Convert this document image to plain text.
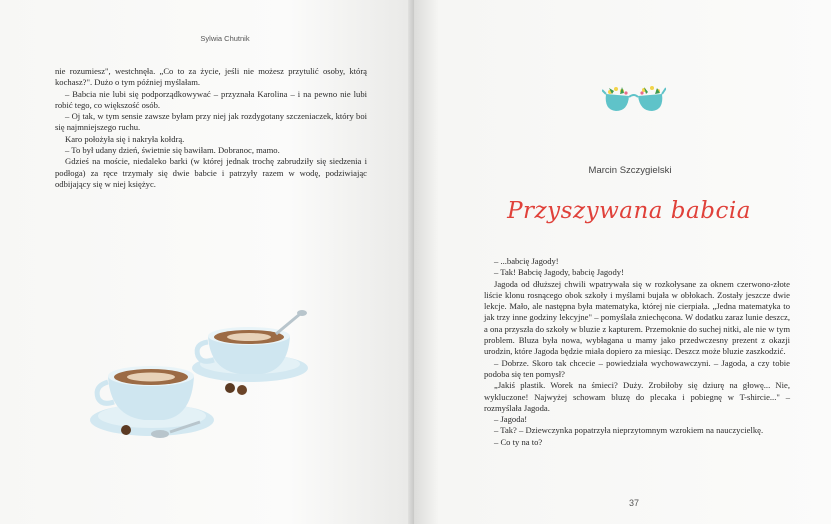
Sylwia Chutnik

nie rozumiesz", westchnęła. „Co to za życie, jeśli nie możesz przytulić osoby, którą kochasz?". Dużo o tym później myślałam.

– Babcia nie lubi się podporządkowywać – przyznała Karolina – i na pewno nie lubi robić tego, co większość osób.

– Oj tak, w tym sensie zawsze byłam przy niej jak rozdygotany szczeniaczek, który boi się najmniejszego ruchu.

Karo położyła się i nakryła kołdrą.

– To był udany dzień, świetnie się bawiłam. Dobranoc, mamo.

Gdzieś na moście, niedaleko barki (w której jednak trochę zabrudziły się siedzenia i podłoga) za ręce trzymały się dwie babcie i patrzyły razem w wodę, podziwiając odbijający się w niej księżyc.

Marcin Szczygielski
Przyszywana babcia

– ...babcię Jagody!

– Tak! Babcię Jagody, babcię Jagody!

Jagoda od dłuższej chwili wpatrywała się w rozkołysane za oknem czerwono-złote liście klonu rosnącego obok szkoły i myślami bujała w obłokach. Zostały jeszcze dwie lekcje. Mało, ale następna była matematyka, której nie cierpiała. „Jedna matematyka to jak trzy inne godziny lekcyjne" – pomyślała zniechęcona. W dodatku zaraz lunie deszcz, a ona przyszła do szkoły w bluzie z kapturem. Przemoknie do suchej nitki, ale nie w tym problem. Bluza była nowa, wybłagana u mamy jako przedwczesny prezent z okazji urodzin, które Jagoda będzie miała dopiero za miesiąc. Deszcz może bluzie zaszkodzić.

– Dobrze. Skoro tak chcecie – powiedziała wychowawczyni. – Jagoda, a czy tobie podoba się ten pomysł?

„Jakiś plastik. Worek na śmieci? Duży. Zrobiłoby się dziurę na głowę... Nie, wykluczone! Najwyżej schowam bluzę do plecaka i pobiegnę w T-shircie..." – rozmyślała Jagoda.

– Jagoda!

– Tak? – Dziewczynka popatrzyła nieprzytomnym wzrokiem na nauczycielkę.

– Co ty na to?

37
